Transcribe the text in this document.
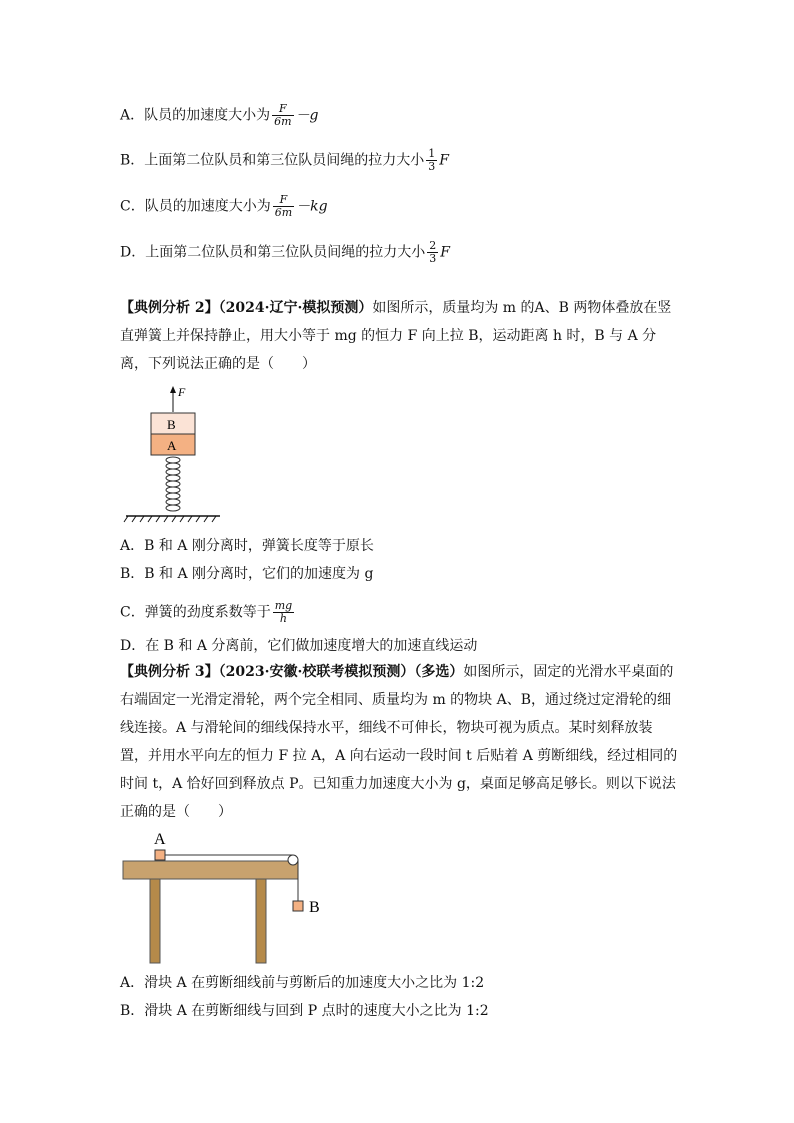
A．队员的加速度大小为 $\frac{F}{6m} -g$
B．上面第二位队员和第三位队员间绳的拉力大小 $\frac{1}{3}$ F
C．队员的加速度大小为 $\frac{F}{6m} -kg$
D．上面第二位队员和第三位队员间绳的拉力大小 $\frac{2}{3}$ F
【典例分析 2】（2024·辽宁·模拟预测）如图所示，质量均为 m 的A、B 两物体叠放在竖直弹簧上并保持静止，用大小等于 mg 的恒力 F 向上拉 B，运动距离 h 时，B 与 A 分离，下列说法正确的是（　　）
F
B
A
A．B 和 A 刚分离时，弹簧长度等于原长
B．B 和 A 刚分离时，它们的加速度为 g
C．弹簧的劲度系数等于 $\frac{mg}{h}$
D．在 B 和 A 分离前，它们做加速度增大的加速直线运动
【典例分析 3】（2023·安徽·校联考模拟预测）（多选）如图所示，固定的光滑水平桌面的右端固定一光滑定滑轮，两个完全相同、质量均为 m 的物块 A、B，通过绕过定滑轮的细线连接。A 与滑轮间的细线保持水平，细线不可伸长，物块可视为质点。某时刻释放装置，并用水平向左的恒力 F 拉 A，A 向右运动一段时间 t 后贴着 A 剪断细线，经过相同的时间 t，A 恰好回到释放点 P。已知重力加速度大小为 g，桌面足够高足够长。则以下说法正确的是（　　）
A
B
A．滑块 A 在剪断细线前与剪断后的加速度大小之比为 1:2
B．滑块 A 在剪断细线与回到 P 点时的速度大小之比为 1:2
